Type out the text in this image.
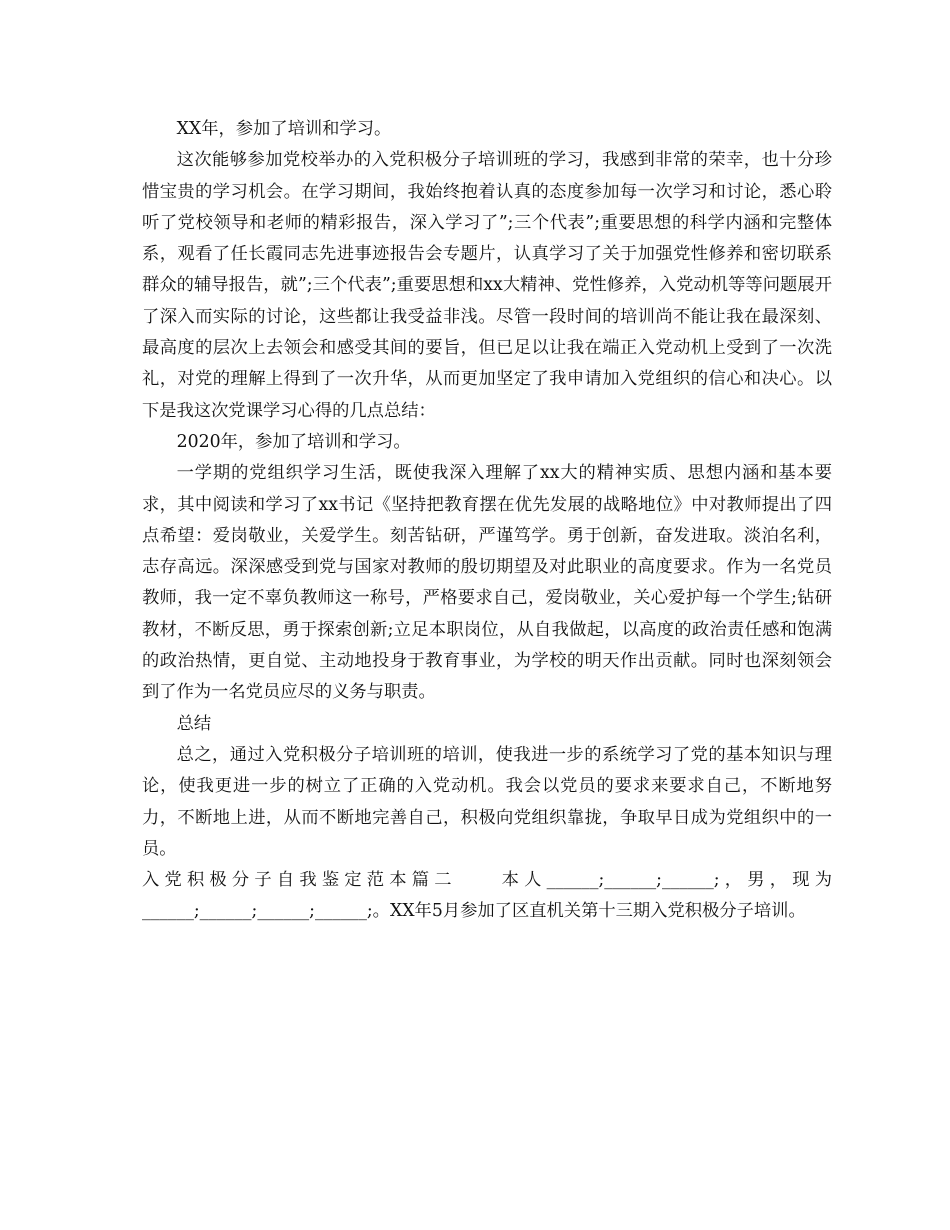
XX年，参加了培训和学习。

这次能够参加党校举办的入党积极分子培训班的学习，我感到非常的荣幸，也十分珍惜宝贵的学习机会。在学习期间，我始终抱着认真的态度参加每一次学习和讨论，悉心聆听了党校领导和老师的精彩报告，深入学习了”;三个代表”;重要思想的科学内涵和完整体系，观看了任长霞同志先进事迹报告会专题片，认真学习了关于加强党性修养和密切联系群众的辅导报告，就”;三个代表”;重要思想和xx大精神、党性修养，入党动机等等问题展开了深入而实际的讨论，这些都让我受益非浅。尽管一段时间的培训尚不能让我在最深刻、最高度的层次上去领会和感受其间的要旨，但已足以让我在端正入党动机上受到了一次洗礼，对党的理解上得到了一次升华，从而更加坚定了我申请加入党组织的信心和决心。以下是我这次党课学习心得的几点总结：

2020年，参加了培训和学习。

一学期的党组织学习生活，既使我深入理解了xx大的精神实质、思想内涵和基本要求，其中阅读和学习了xx书记《坚持把教育摆在优先发展的战略地位》中对教师提出了四点希望：爱岗敬业，关爱学生。刻苦钻研，严谨笃学。勇于创新，奋发进取。淡泊名利，志存高远。深深感受到党与国家对教师的殷切期望及对此职业的高度要求。作为一名党员教师，我一定不辜负教师这一称号，严格要求自己，爱岗敬业，关心爱护每一个学生;钻研教材，不断反思，勇于探索创新;立足本职岗位，从自我做起，以高度的政治责任感和饱满的政治热情，更自觉、主动地投身于教育事业，为学校的明天作出贡献。同时也深刻领会到了作为一名党员应尽的义务与职责。

总结

总之，通过入党积极分子培训班的培训，使我进一步的系统学习了党的基本知识与理论，使我更进一步的树立了正确的入党动机。我会以党员的要求来要求自己，不断地努力，不断地上进，从而不断地完善自己，积极向党组织靠拢，争取早日成为党组织中的一员。

入党积极分子自我鉴定范本篇二　　本人______;______;______;，男，现为______;______;______;______;。XX年5月参加了区直机关第十三期入党积极分子培训。
